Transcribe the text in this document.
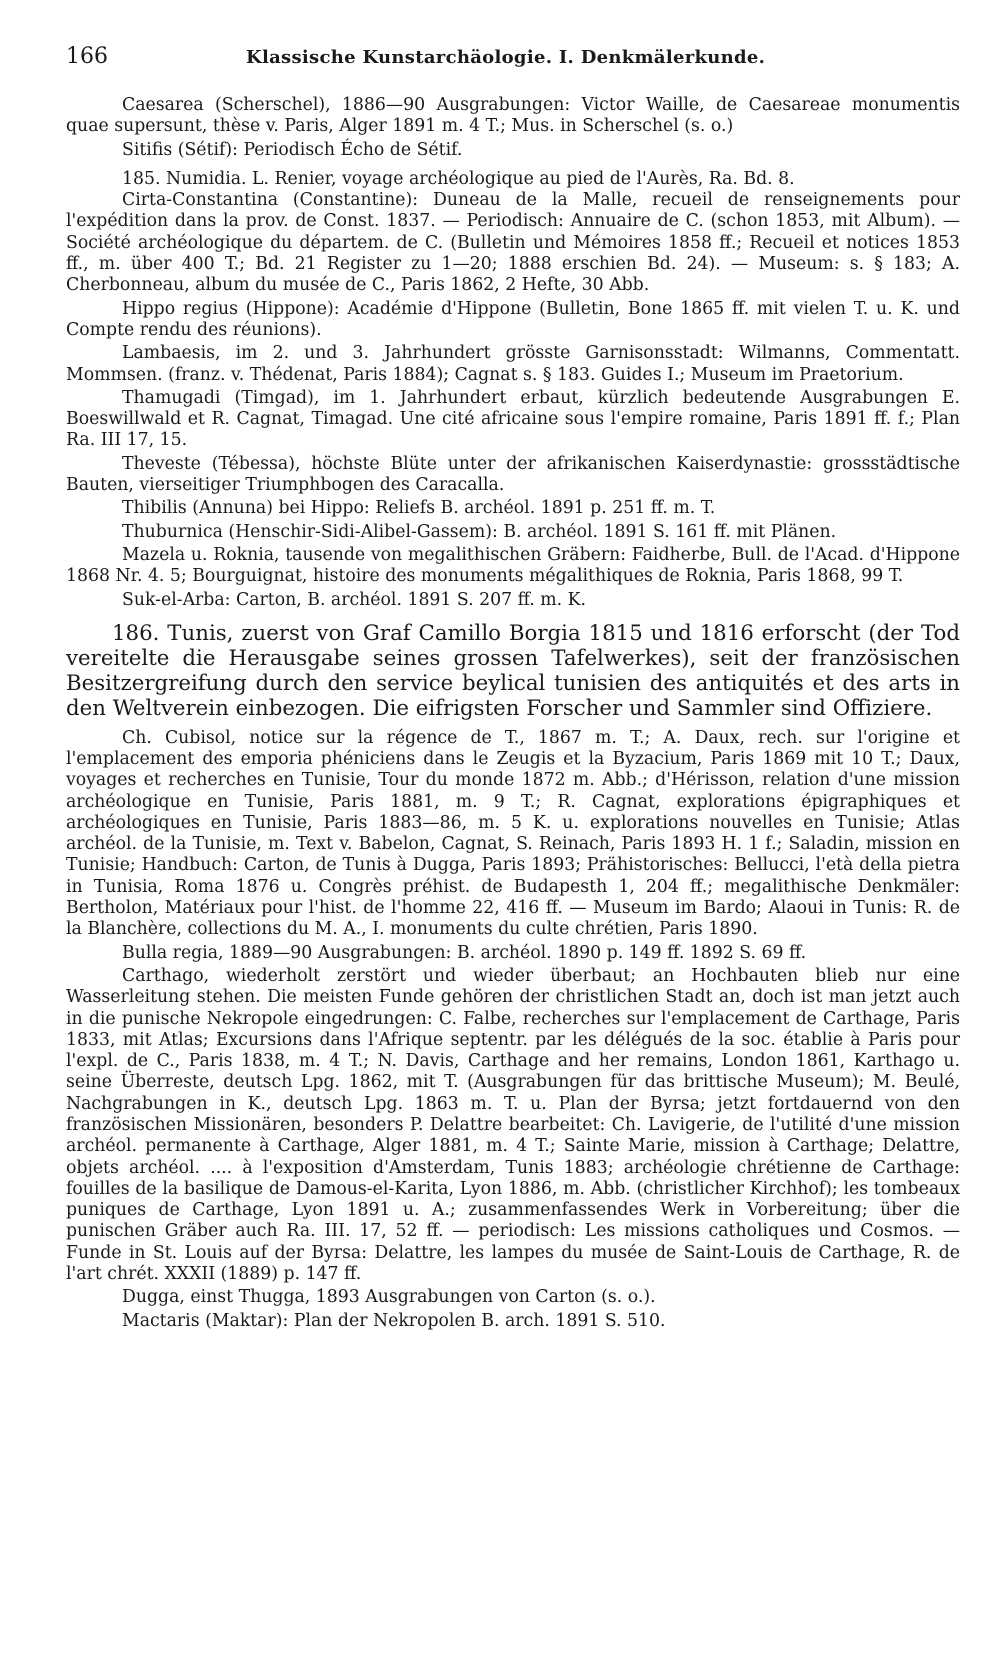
166	Klassische Kunstarchäologie. I. Denkmälerkunde.

Caesarea (Scherschel), 1886—90 Ausgrabungen: Victor Waille, de Caesareae monumentis quae supersunt, thèse v. Paris, Alger 1891 m. 4 T.; Mus. in Scherschel (s. o.)

Sitifis (Sétif): Periodisch Écho de Sétif.

185. Numidia. L. Renier, voyage archéologique au pied de l'Aurès, Ra. Bd. 8.

Cirta-Constantina (Constantine): Duneau de la Malle, recueil de renseignements pour l'expédition dans la prov. de Const. 1837. — Periodisch: Annuaire de C. (schon 1853, mit Album). — Société archéologique du départem. de C. (Bulletin und Mémoires 1858 ff.; Recueil et notices 1853 ff., m. über 400 T.; Bd. 21 Register zu 1—20; 1888 erschien Bd. 24). — Museum: s. § 183; A. Cherbonneau, album du musée de C., Paris 1862, 2 Hefte, 30 Abb.

Hippo regius (Hippone): Académie d'Hippone (Bulletin, Bone 1865 ff. mit vielen T. u. K. und Compte rendu des réunions).

Lambaesis, im 2. und 3. Jahrhundert grösste Garnisonsstadt: Wilmanns, Commentatt. Mommsen. (franz. v. Thédenat, Paris 1884); Cagnat s. § 183. Guides I.; Museum im Praetorium.

Thamugadi (Timgad), im 1. Jahrhundert erbaut, kürzlich bedeutende Ausgrabungen E. Boeswillwald et R. Cagnat, Timagad. Une cité africaine sous l'empire romaine, Paris 1891 ff. f.; Plan Ra. III 17, 15.

Theveste (Tébessa), höchste Blüte unter der afrikanischen Kaiserdynastie: grossstädtische Bauten, vierseitiger Triumphbogen des Caracalla.

Thibilis (Annuna) bei Hippo: Reliefs B. archéol. 1891 p. 251 ff. m. T.

Thuburnica (Henschir-Sidi-Alibel-Gassem): B. archéol. 1891 S. 161 ff. mit Plänen.

Mazela u. Roknia, tausende von megalithischen Gräbern: Faidherbe, Bull. de l'Acad. d'Hippone 1868 Nr. 4. 5; Bourguignat, histoire des monuments mégalithiques de Roknia, Paris 1868, 99 T.

Suk-el-Arba: Carton, B. archéol. 1891 S. 207 ff. m. K.

186. Tunis, zuerst von Graf Camillo Borgia 1815 und 1816 erforscht (der Tod vereitelte die Herausgabe seines grossen Tafelwerkes), seit der französischen Besitzergreifung durch den service beylical tunisien des antiquités et des arts in den Weltverein einbezogen. Die eifrigsten Forscher und Sammler sind Offiziere.

Ch. Cubisol, notice sur la régence de T., 1867 m. T.; A. Daux, rech. sur l'origine et l'emplacement des emporia phéniciens dans le Zeugis et la Byzacium, Paris 1869 mit 10 T.; Daux, voyages et recherches en Tunisie, Tour du monde 1872 m. Abb.; d'Hérisson, relation d'une mission archéologique en Tunisie, Paris 1881, m. 9 T.; R. Cagnat, explorations épigraphiques et archéologiques en Tunisie, Paris 1883—86, m. 5 K. u. explorations nouvelles en Tunisie; Atlas archéol. de la Tunisie, m. Text v. Babelon, Cagnat, S. Reinach, Paris 1893 H. 1 f.; Saladin, mission en Tunisie; Handbuch: Carton, de Tunis à Dugga, Paris 1893; Prähistorisches: Bellucci, l'età della pietra in Tunisia, Roma 1876 u. Congrès préhist. de Budapesth 1, 204 ff.; megalithische Denkmäler: Bertholon, Matériaux pour l'hist. de l'homme 22, 416 ff. — Museum im Bardo; Alaoui in Tunis: R. de la Blanchère, collections du M. A., I. monuments du culte chrétien, Paris 1890.

Bulla regia, 1889—90 Ausgrabungen: B. archéol. 1890 p. 149 ff. 1892 S. 69 ff.

Carthago, wiederholt zerstört und wieder überbaut; an Hochbauten blieb nur eine Wasserleitung stehen. Die meisten Funde gehören der christlichen Stadt an, doch ist man jetzt auch in die punische Nekropole eingedrungen: C. Falbe, recherches sur l'emplacement de Carthage, Paris 1833, mit Atlas; Excursions dans l'Afrique septentr. par les délégués de la soc. établie à Paris pour l'expl. de C., Paris 1838, m. 4 T.; N. Davis, Carthage and her remains, London 1861, Karthago u. seine Überreste, deutsch Lpg. 1862, mit T. (Ausgrabungen für das brittische Museum); M. Beulé, Nachgrabungen in K., deutsch Lpg. 1863 m. T. u. Plan der Byrsa; jetzt fortdauernd von den französischen Missionären, besonders P. Delattre bearbeitet: Ch. Lavigerie, de l'utilité d'une mission archéol. permanente à Carthage, Alger 1881, m. 4 T.; Sainte Marie, mission à Carthage; Delattre, objets archéol. .... à l'exposition d'Amsterdam, Tunis 1883; archéologie chrétienne de Carthage: fouilles de la basilique de Damous-el-Karita, Lyon 1886, m. Abb. (christlicher Kirchhof); les tombeaux puniques de Carthage, Lyon 1891 u. A.; zusammenfassendes Werk in Vorbereitung; über die punischen Gräber auch Ra. III. 17, 52 ff. — periodisch: Les missions catholiques und Cosmos. — Funde in St. Louis auf der Byrsa: Delattre, les lampes du musée de Saint-Louis de Carthage, R. de l'art chrét. XXXII (1889) p. 147 ff.

Dugga, einst Thugga, 1893 Ausgrabungen von Carton (s. o.).

Mactaris (Maktar): Plan der Nekropolen B. arch. 1891 S. 510.
